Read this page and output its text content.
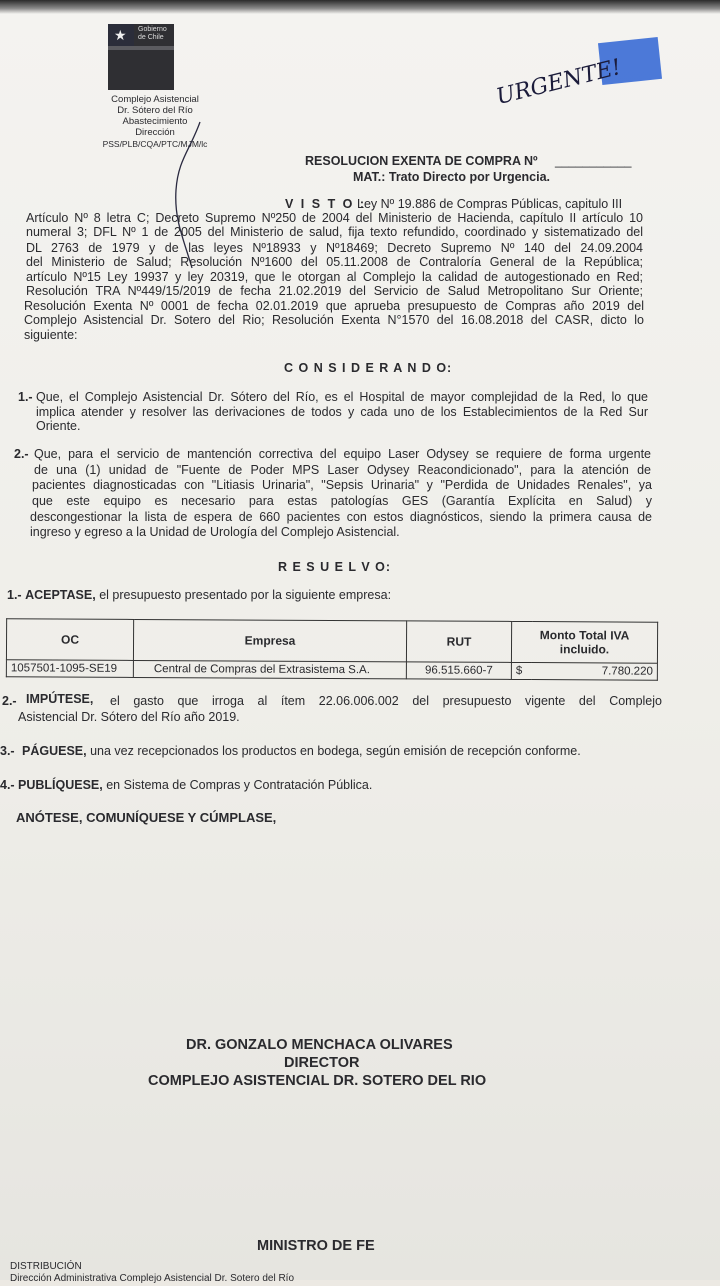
★ Gobierno de Chile
Complejo Asistencial
Dr. Sótero del Río
Abastecimiento
Dirección
PSS/PLB/CQA/PTC/MJM/lc
URGENTE!
RESOLUCION EXENTA DE COMPRA Nº ___________
MAT.: Trato Directo por Urgencia.
V I S T O :
Ley Nº 19.886 de Compras Públicas, capitulo III
Artículo Nº 8 letra C; Decreto Supremo Nº250 de 2004 del Ministerio de Hacienda, capítulo II artículo 10
numeral 3; DFL Nº 1 de 2005 del Ministerio de salud, fija texto refundido, coordinado y sistematizado del
DL 2763 de 1979 y de las leyes Nº18933 y Nº18469; Decreto Supremo Nº 140 del 24.09.2004
del Ministerio de Salud; Resolución Nº1600 del 05.11.2008 de Contraloría General de la República;
artículo Nº15 Ley 19937 y ley 20319, que le otorgan al Complejo la calidad de autogestionado en Red;
Resolución TRA Nº449/15/2019 de fecha 21.02.2019 del Servicio de Salud Metropolitano Sur Oriente;
Resolución Exenta Nº 0001 de fecha 02.01.2019 que aprueba presupuesto de Compras año 2019 del
Complejo Asistencial Dr. Sotero del Rio; Resolución Exenta N°1570 del 16.08.2018 del CASR, dicto lo
siguiente:
C O N S I D E R A N D O:
1.- Que, el Complejo Asistencial Dr. Sótero del Río, es el Hospital de mayor complejidad de la Red, lo que
implica atender y resolver las derivaciones de todos y cada uno de los Establecimientos de la Red Sur
Oriente.
2.- Que, para el servicio de mantención correctiva del equipo Laser Odysey se requiere de forma urgente
de una (1) unidad de "Fuente de Poder MPS Laser Odysey Reacondicionado", para la atención de
pacientes diagnosticadas con "Litiasis Urinaria", "Sepsis Urinaria" y "Perdida de Unidades Renales", ya
que este equipo es necesario para estas patologías GES (Garantía Explícita en Salud) y
descongestionar la lista de espera de 660 pacientes con estos diagnósticos, siendo la primera causa de
ingreso y egreso a la Unidad de Urología del Complejo Asistencial.
R E S U E L V O:
1.- ACEPTASE, el presupuesto presentado por la siguiente empresa:
OC	Empresa	RUT	Monto Total IVA incluido.	
1057501-1095-SE19	Central de Compras del Extrasistema S.A.	96.515.660-7	$	7.780.220
2.- IMPÚTESE, el gasto que irroga al ítem 22.06.006.002 del presupuesto vigente del Complejo
Asistencial Dr. Sótero del Río año 2019.
3.- PÁGUESE, una vez recepcionados los productos en bodega, según emisión de recepción conforme.
4.- PUBLÍQUESE, en Sistema de Compras y Contratación Pública.
ANÓTESE, COMUNÍQUESE Y CÚMPLASE,
DR. GONZALO MENCHACA OLIVARES
DIRECTOR
COMPLEJO ASISTENCIAL DR. SOTERO DEL RIO
MINISTRO DE FE
DISTRIBUCIÓN
Dirección Administrativa Complejo Asistencial Dr. Sotero del Río
